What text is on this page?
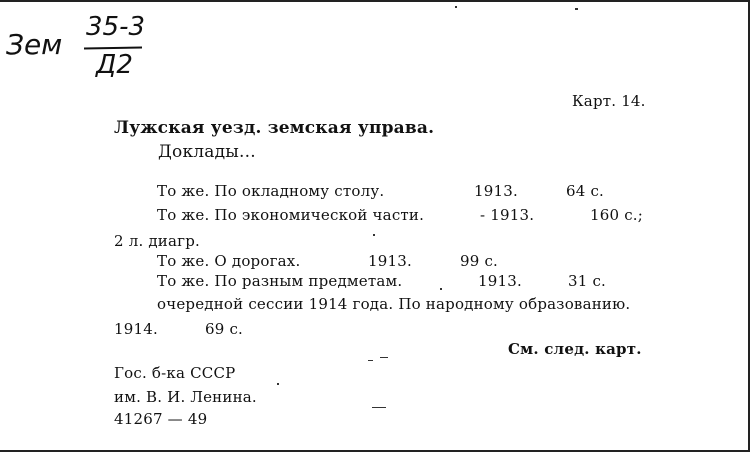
Зем
35-3
Д2
Карт. 14.
Лужская уезд. земская управа.
Доклады...
То же. По окладному столу.	1913.	64 с.
То же. По экономической части.	- 1913.	160 с.;
2 л. диагр.
То же. О дорогах.	1913.	99 с.
То же. По разным предметам.	1913.	31 с.
очередной сессии 1914 года. По народному образованию.
1914.	69 с.
См. след. карт.
Гос. б-ка СССР
им. В. И. Ленина.
41267 — 49
